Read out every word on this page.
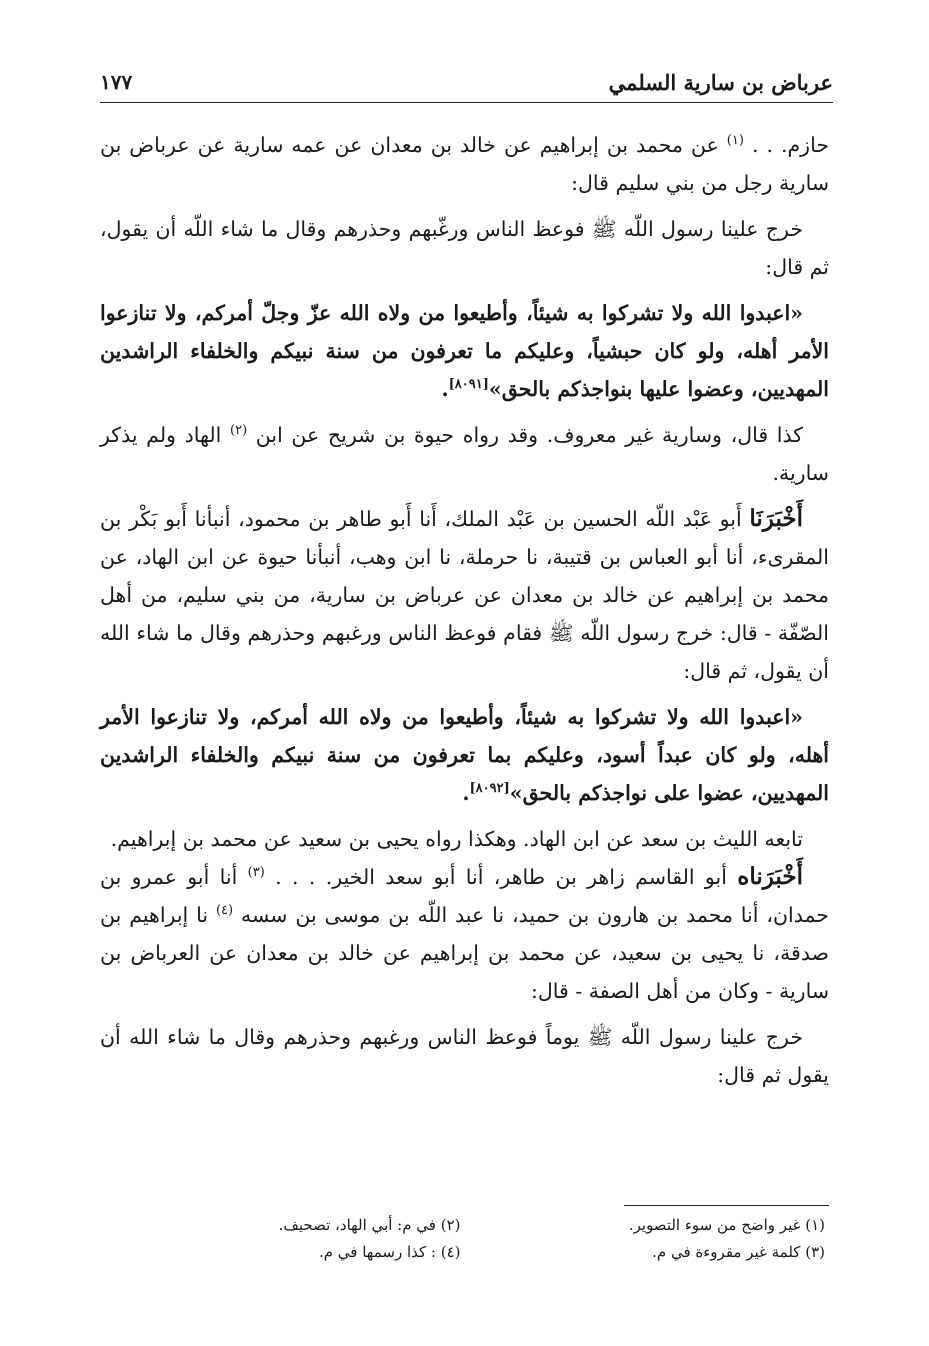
عرباض بن سارية السلمي
١٧٧

حازم. . . $^{(١)}$ عن محمد بن إبراهيم عن خالد بن معدان عن عمه سارية عن عرباض بن سارية رجل من بني سليم قال:

خرج علينا رسول اللّه ﷺ فوعظ الناس ورغّبهم وحذرهم وقال ما شاء اللّه أن يقول، ثم قال:

«اعبدوا الله ولا تشركوا به شيئاً، وأطيعوا من ولاه الله عزّ وجلّ أمركم، ولا تنازعوا الأمر أهله، ولو كان حبشياً، وعليكم ما تعرفون من سنة نبيكم والخلفاء الراشدين المهديين، وعضوا عليها بنواجذكم بالحق»[٨٠٩١].

كذا قال، وسارية غير معروف. وقد رواه حيوة بن شريح عن ابن $^{(٢)}$ الهاد ولم يذكر سارية.

أَخْبَرَنَا أَبو عَبْد اللّه الحسين بن عَبْد الملك، أَنا أَبو طاهر بن محمود، أنبأنا أَبو بَكْر بن المقرىء، أنا أبو العباس بن قتيبة، نا حرملة، نا ابن وهب، أنبأنا حيوة عن ابن الهاد، عن محمد بن إبراهيم عن خالد بن معدان عن عرباض بن سارية، من بني سليم، من أهل الصّفّة - قال: خرج رسول اللّه ﷺ فقام فوعظ الناس ورغبهم وحذرهم وقال ما شاء الله أن يقول، ثم قال:

«اعبدوا الله ولا تشركوا به شيئاً، وأطيعوا من ولاه الله أمركم، ولا تنازعوا الأمر أهله، ولو كان عبداً أسود، وعليكم بما تعرفون من سنة نبيكم والخلفاء الراشدين المهديين، عضوا على نواجذكم بالحق»[٨٠٩٢].

تابعه الليث بن سعد عن ابن الهاد. وهكذا رواه يحيى بن سعيد عن محمد بن إبراهيم.

أَخْبَرَناه أبو القاسم زاهر بن طاهر، أنا أبو سعد الخير. . . . $^{(٣)}$ أنا أبو عمرو بن حمدان، أنا محمد بن هارون بن حميد، نا عبد اللّه بن موسى بن سسه $^{(٤)}$ نا إبراهيم بن صدقة، نا يحيى بن سعيد، عن محمد بن إبراهيم عن خالد بن معدان عن العرباض بن سارية - وكان من أهل الصفة - قال:

خرج علينا رسول اللّه ﷺ يوماً فوعظ الناس ورغبهم وحذرهم وقال ما شاء الله أن يقول ثم قال:

(١) غير واضح من سوء التصوير.
(٢) في م: أبي الهاد، تصحيف.
(٣) كلمة غير مقروءة في م.
(٤) : كذا رسمها في م.
